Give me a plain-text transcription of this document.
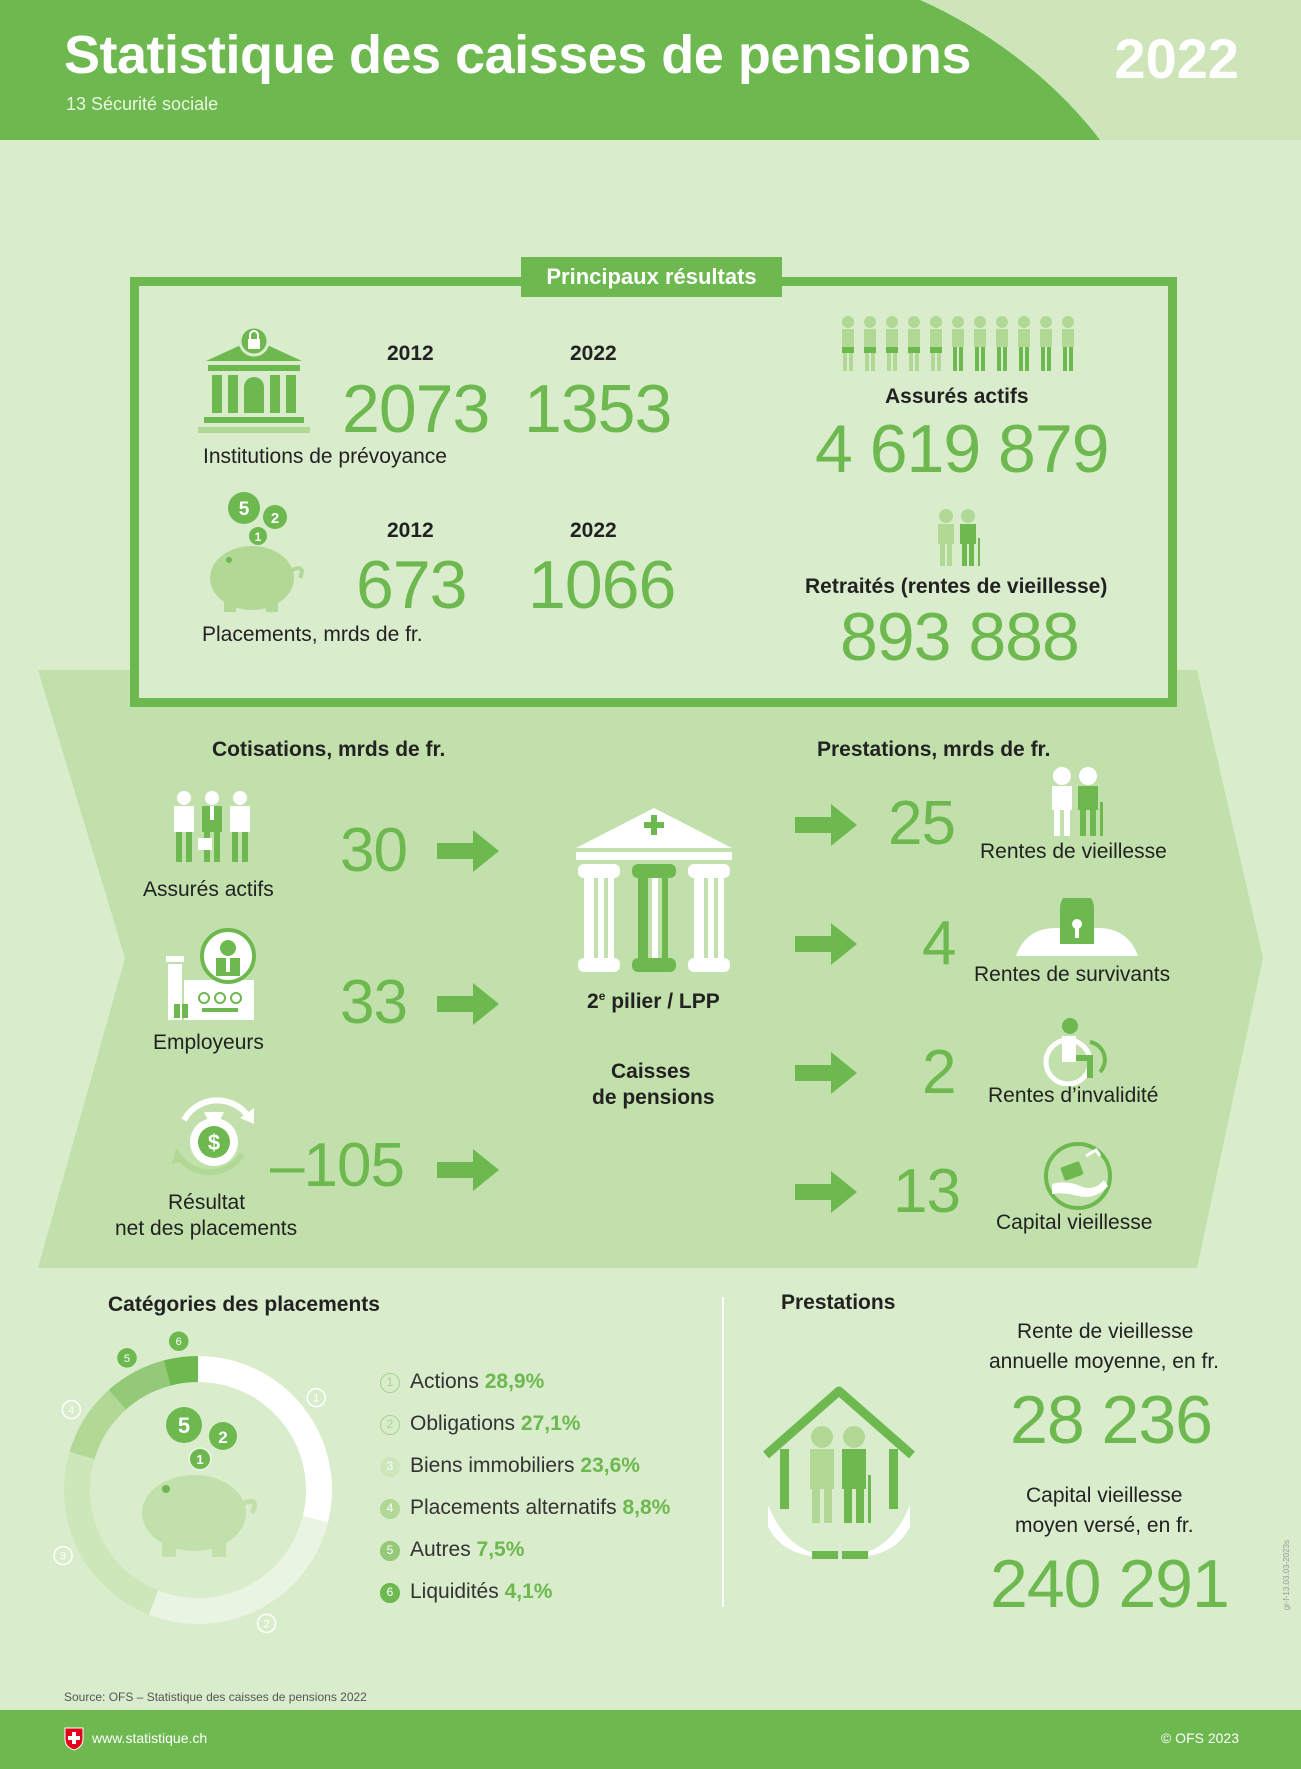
Statistique des caisses de pensions
13 Sécurité sociale
2022
Principaux résultats
Institutions de prévoyance
2012
2073
2022
1353
5 2
1
Placements, mrds de fr.
2012
673
2022
1066
Assurés actifs
4 619 879
Retraités (rentes de vieillesse)
893 888
Cotisations, mrds de fr.	Prestations, mrds de fr.
Assurés actifs
30
Employeurs
33
$
Résultat
net des placements
–105
2e pilier / LPP
Caisses
de pensions
25
4
2
13
Rentes de vieillesse
Rentes de survivants
Rentes d’invalidité
Capital vieillesse
Catégories des placements
1
2
3
4
5
6
5 2
1
1 Actions 28,9%
2 Obligations 27,1%
3 Biens immobiliers 23,6%
4 Placements alternatifs 8,8%
5 Autres 7,5%
6 Liquidités 4,1%
Prestations
Rente de vieillesse
annuelle moyenne, en fr.
28 236
Capital vieillesse
moyen versé, en fr.
240 291
Source: OFS – Statistique des caisses de pensions 2022
gr-f-13.03.03-2023s
www.statistique.ch	© OFS 2023
